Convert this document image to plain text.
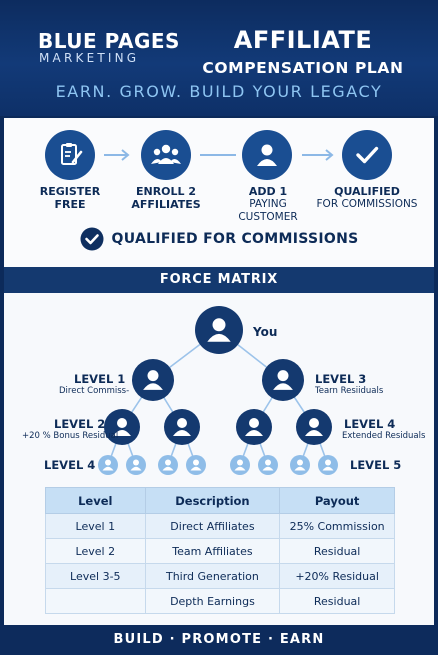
BLUE PAGES
MARKETING
AFFILIATE
COMPENSATION PLAN
EARN. GROW. BUILD YOUR LEGACY
REGISTER
FREE
ENROLL 2
AFFILIATES
ADD 1
PAYING CUSTOMER
QUALIFIED
FOR COMMISSIONS
QUALIFIED FOR COMMISSIONS
FORCE MATRIX
You
LEVEL 1
Direct Commiss-
LEVEL 3
Tearn Resiiduals
LEVEL 2
+20 % Bonus Residual
LEVEL 4
Extended Residuals
LEVEL 4	LEVEL 5
Level	Description	Payout
Level 1	Direct Affiliates	25% Commission
Level 2	Team Affiliates	Residual
Level 3-5	Third Generation	+20% Residual
	Depth Earnings	Residual
BUILD · PROMOTE · EARN
